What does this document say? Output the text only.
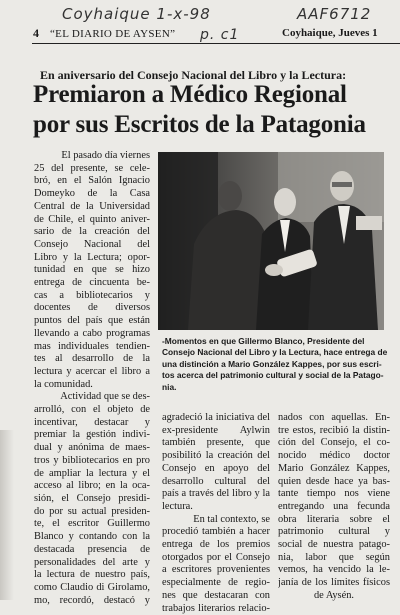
Coyhaique 1-x-98	AAF6712
p. c1
4 “EL DIARIO DE AYSEN”	Coyhaique, Jueves 1
En aniversario del Consejo Nacional del Libro y la Lectura:
Premiaron a Médico Regional
por sus Escritos de la Patagonia
El pasado día viernes
25 del presente, se cele-
bró, en el Salón Ignacio
Domeyko de la Casa
Central de la Universidad
de Chile, el quinto aniver-
sario de la creación del
Consejo Nacional del
Libro y la Lectura; opor-
tunidad en que se hizo
entrega de cincuenta be-
cas a bibliotecarios y
docentes de diversos
puntos del país que están
llevando a cabo programas
mas individuales tendien-
tes al desarrollo de la
lectura y acercar el libro a
la comunidad.
Actividad que se des-
arrolló, con el objeto de
incentivar, destacar y
premiar la gestión indivi-
dual y anónima de maes-
tros y bibliotecarios en pro
de ampliar la lectura y el
acceso al libro; en la oca-
sión, el Consejo presidi-
do por su actual presiden-
te, el escritor Guillermo
Blanco y contando con la
destacada presencia de
personalidades del arte y
la lectura de nuestro país,
como Claudio di Girolamo,
mo, recordó, destacó y
-Momentos en que Gillermo Blanco, Presidente del
Consejo Nacional del Libro y la Lectura, hace entrega de
una distinción a Mario González Kappes, por sus escri-
tos acerca del patrimonio cultural y social de la Patago-
nia.
agradeció la iniciativa del
ex-presidente Aylwin
también presente, que
posibilitó la creación del
Consejo en apoyo del
desarrollo cultural del
país a través del libro y la
lectura.
En tal contexto, se
procedió también a hacer
entrega de los premios
otorgados por el Consejo
a escritores provenientes
especialmente de regio-
nes que destacaran con
trabajos literarios relacio-
nados con aquellas. En-
tre estos, recibió la distin-
ción del Consejo, el co-
nocido médico doctor
Mario González Kappes,
quien desde hace ya bas-
tante tiempo nos viene
entregando una fecunda
obra literaria sobre el
patrimonio cultural y
social de nuestra patago-
nia, labor que según
vemos, ha vencido la le-
janía de los límites físicos
de Aysén.
